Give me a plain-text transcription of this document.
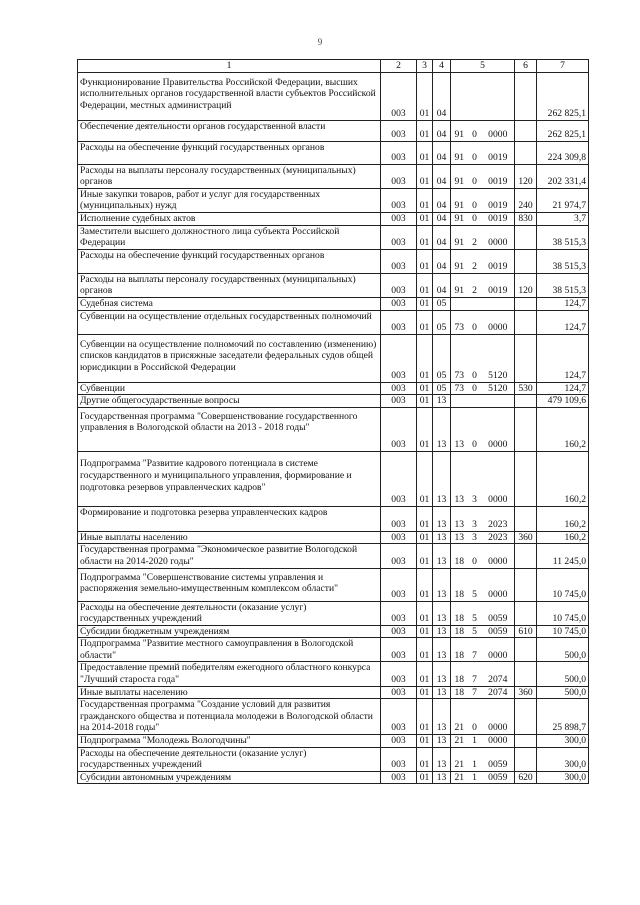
9
1	2	3	4	5			6	7

Функционирование Правительства Российской Федерации, высших исполнительных органов государственной власти субъектов Российской Федерации, местных администраций	003	01	04					262 825,1

Обеспечение деятельности органов государственной власти	003	01	04	91	0	0000		262 825,1

Расходы на обеспечение функций государственных органов	003	01	04	91	0	0019		224 309,8

Расходы на выплаты персоналу государственных (муниципальных) органов	003	01	04	91	0	0019	120	202 331,4

Иные закупки товаров, работ и услуг для государственных (муниципальных) нужд	003	01	04	91	0	0019	240	21 974,7

Исполнение судебных актов	003	01	04	91	0	0019	830	3,7

Заместители высшего должностного лица субъекта Российской Федерации	003	01	04	91	2	0000		38 515,3

Расходы на обеспечение функций государственных органов	003	01	04	91	2	0019		38 515,3

Расходы на выплаты персоналу государственных (муниципальных) органов	003	01	04	91	2	0019	120	38 515,3

Судебная система	003	01	05					124,7

Субвенции на осуществление отдельных государственных полномочий	003	01	05	73	0	0000		124,7

Субвенции на осуществление полномочий по составлению (изменению) списков кандидатов в присяжные заседатели федеральных судов общей юрисдикции в Российской Федерации	003	01	05	73	0	5120		124,7

Субвенции	003	01	05	73	0	5120	530	124,7

Другие общегосударственные вопросы	003	01	13					479 109,6

Государственная программа "Совершенствование государственного управления в Вологодской области на 2013 - 2018 годы"	003	01	13	13	0	0000		160,2

Подпрограмма "Развитие кадрового потенциала в системе государственного и муниципального управления, формирование и подготовка резервов управленческих кадров"	003	01	13	13	3	0000		160,2

Формирование и подготовка резерва управленческих кадров	003	01	13	13	3	2023		160,2

Иные выплаты населению	003	01	13	13	3	2023	360	160,2

Государственная программа "Экономическое развитие Вологодской области на 2014-2020 годы"	003	01	13	18	0	0000		11 245,0

Подпрограмма "Совершенствование системы управления и распоряжения земельно-имущественным комплексом области"	003	01	13	18	5	0000		10 745,0

Расходы на обеспечение деятельности (оказание услуг) государственных учреждений	003	01	13	18	5	0059		10 745,0

Субсидии бюджетным учреждениям	003	01	13	18	5	0059	610	10 745,0

Подпрограмма "Развитие местного самоуправления в Вологодской области"	003	01	13	18	7	0000		500,0

Предоставление премий победителям ежегодного областного конкурса "Лучший староста года"	003	01	13	18	7	2074		500,0

Иные выплаты населению	003	01	13	18	7	2074	360	500,0

Государственная программа "Создание условий для развития гражданского общества и потенциала молодежи в Вологодской области на 2014-2018 годы"	003	01	13	21	0	0000		25 898,7

Подпрограмма "Молодежь Вологодчины"	003	01	13	21	1	0000		300,0

Расходы на обеспечение деятельности (оказание услуг) государственных учреждений	003	01	13	21	1	0059		300,0

Субсидии автономным учреждениям	003	01	13	21	1	0059	620	300,0
